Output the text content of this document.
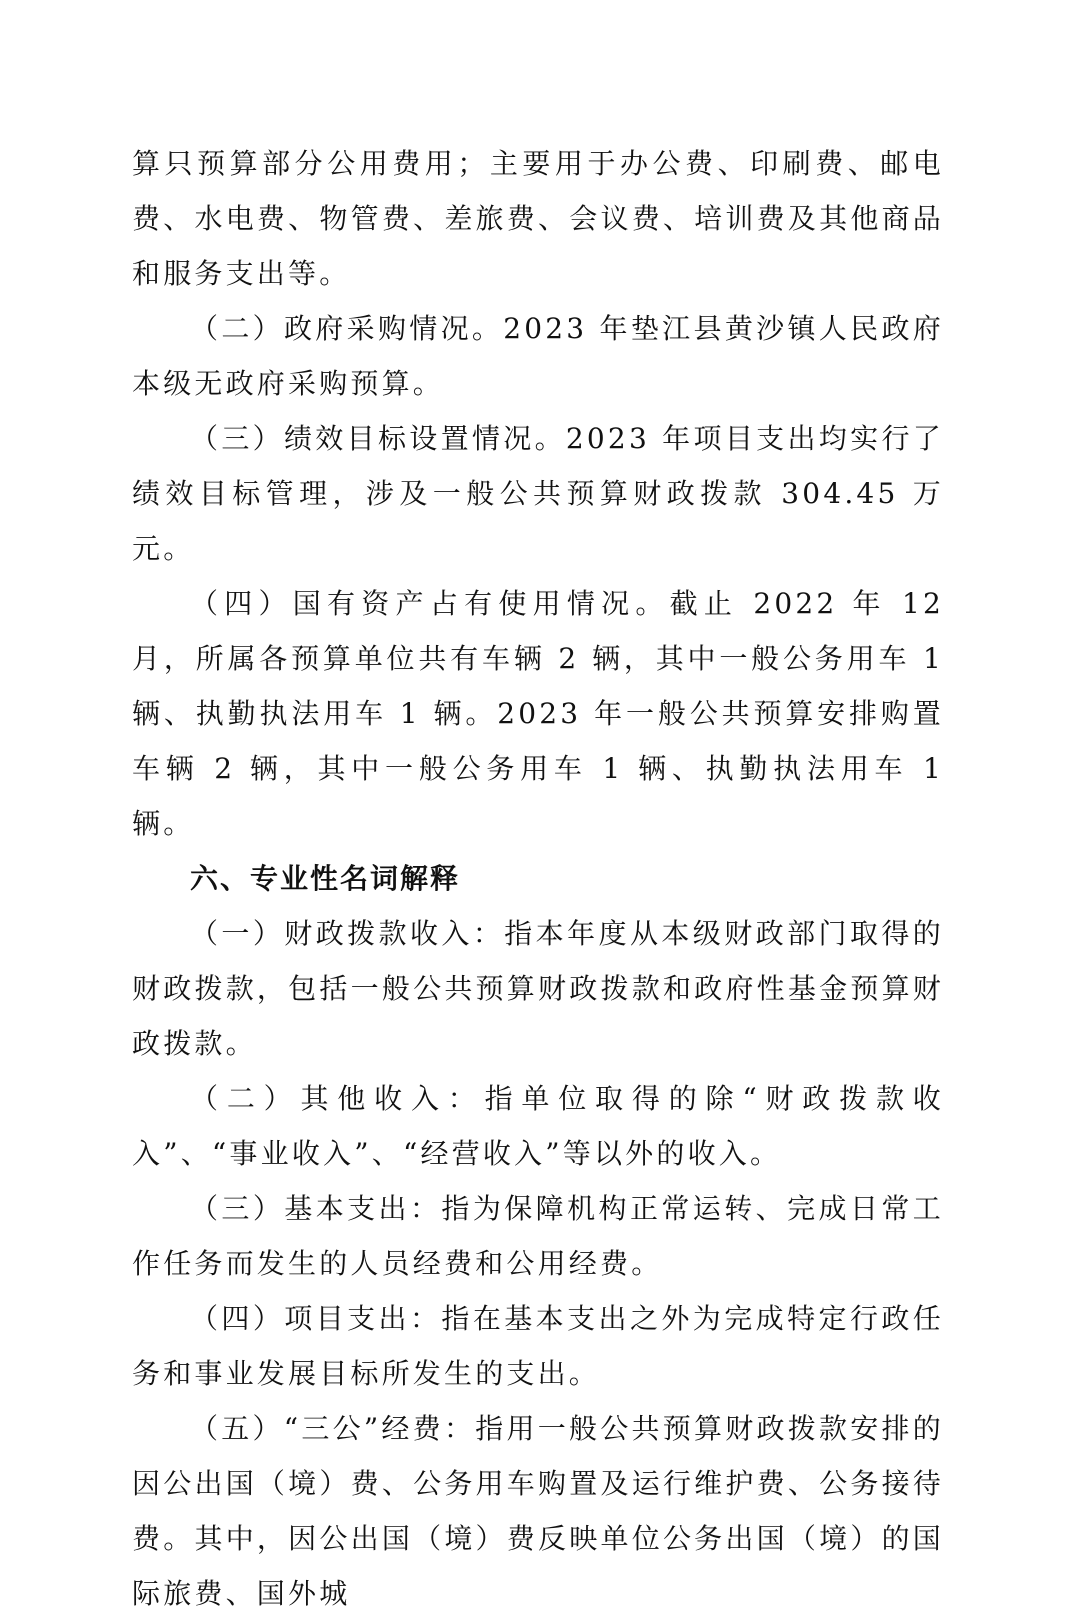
算只预算部分公用费用；主要用于办公费、印刷费、邮电费、水电费、物管费、差旅费、会议费、培训费及其他商品和服务支出等。

（二）政府采购情况。2023 年垫江县黄沙镇人民政府本级无政府采购预算。

（三）绩效目标设置情况。2023 年项目支出均实行了绩效目标管理，涉及一般公共预算财政拨款 304.45 万元。

（四）国有资产占有使用情况。截止 2022 年 12 月，所属各预算单位共有车辆 2 辆，其中一般公务用车 1 辆、执勤执法用车 1 辆。2023 年一般公共预算安排购置车辆 2 辆，其中一般公务用车 1 辆、执勤执法用车 1 辆。

六、专业性名词解释

（一）财政拨款收入：指本年度从本级财政部门取得的财政拨款，包括一般公共预算财政拨款和政府性基金预算财政拨款。

（二）其他收入：指单位取得的除“财政拨款收入”、“事业收入”、“经营收入”等以外的收入。

（三）基本支出：指为保障机构正常运转、完成日常工作任务而发生的人员经费和公用经费。

（四）项目支出：指在基本支出之外为完成特定行政任务和事业发展目标所发生的支出。

（五）“三公”经费：指用一般公共预算财政拨款安排的因公出国（境）费、公务用车购置及运行维护费、公务接待费。其中，因公出国（境）费反映单位公务出国（境）的国际旅费、国外城
